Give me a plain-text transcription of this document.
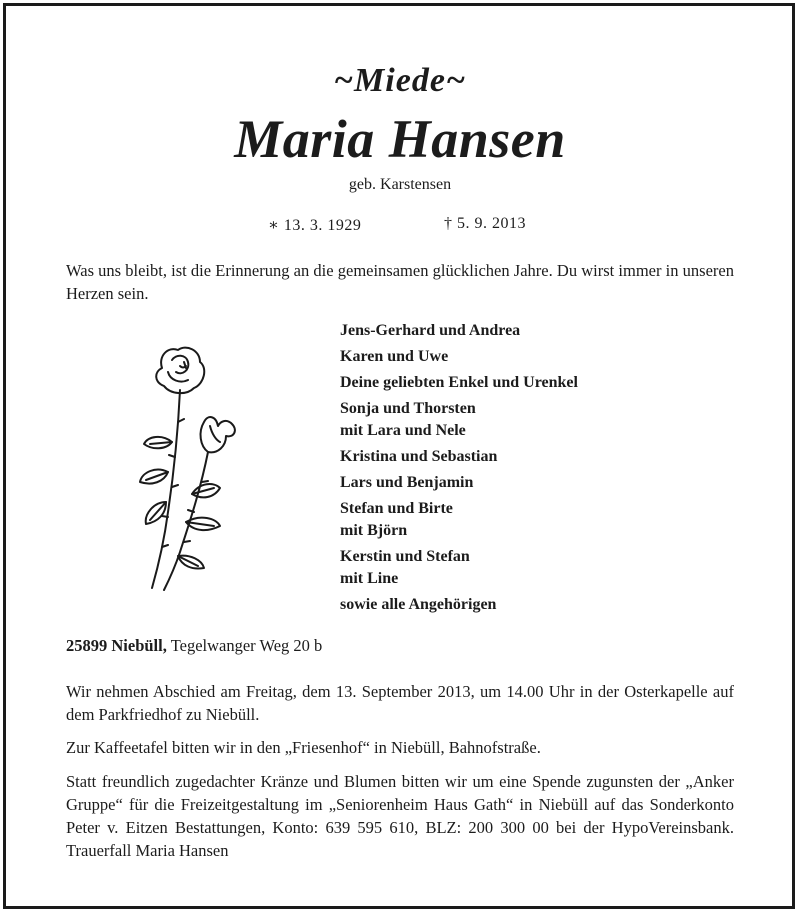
~Miede~
Maria Hansen
geb. Karstensen
∗ 13. 3. 1929	† 5. 9. 2013
Was uns bleibt, ist die Erinnerung an die gemeinsamen glücklichen Jahre. Du wirst immer in unseren Herzen sein.
Jens-Gerhard und Andrea
Karen und Uwe
Deine geliebten Enkel und Urenkel
Sonja und Thorsten
mit Lara und Nele
Kristina und Sebastian
Lars und Benjamin
Stefan und Birte
mit Björn
Kerstin und Stefan
mit Line
sowie alle Angehörigen
25899 Niebüll, Tegelwanger Weg 20 b
Wir nehmen Abschied am Freitag, dem 13. September 2013, um 14.00 Uhr in der Osterkapelle auf dem Parkfriedhof zu Niebüll.
Zur Kaffeetafel bitten wir in den „Friesenhof“ in Niebüll, Bahnofstraße.
Statt freundlich zugedachter Kränze und Blumen bitten wir um eine Spende zugunsten der „Anker Gruppe“ für die Freizeitgestaltung im „Seniorenheim Haus Gath“ in Niebüll auf das Sonderkonto Peter v. Eitzen Bestattungen, Konto: 639 595 610, BLZ: 200 300 00 bei der HypoVereinsbank. Trauerfall Maria Hansen
